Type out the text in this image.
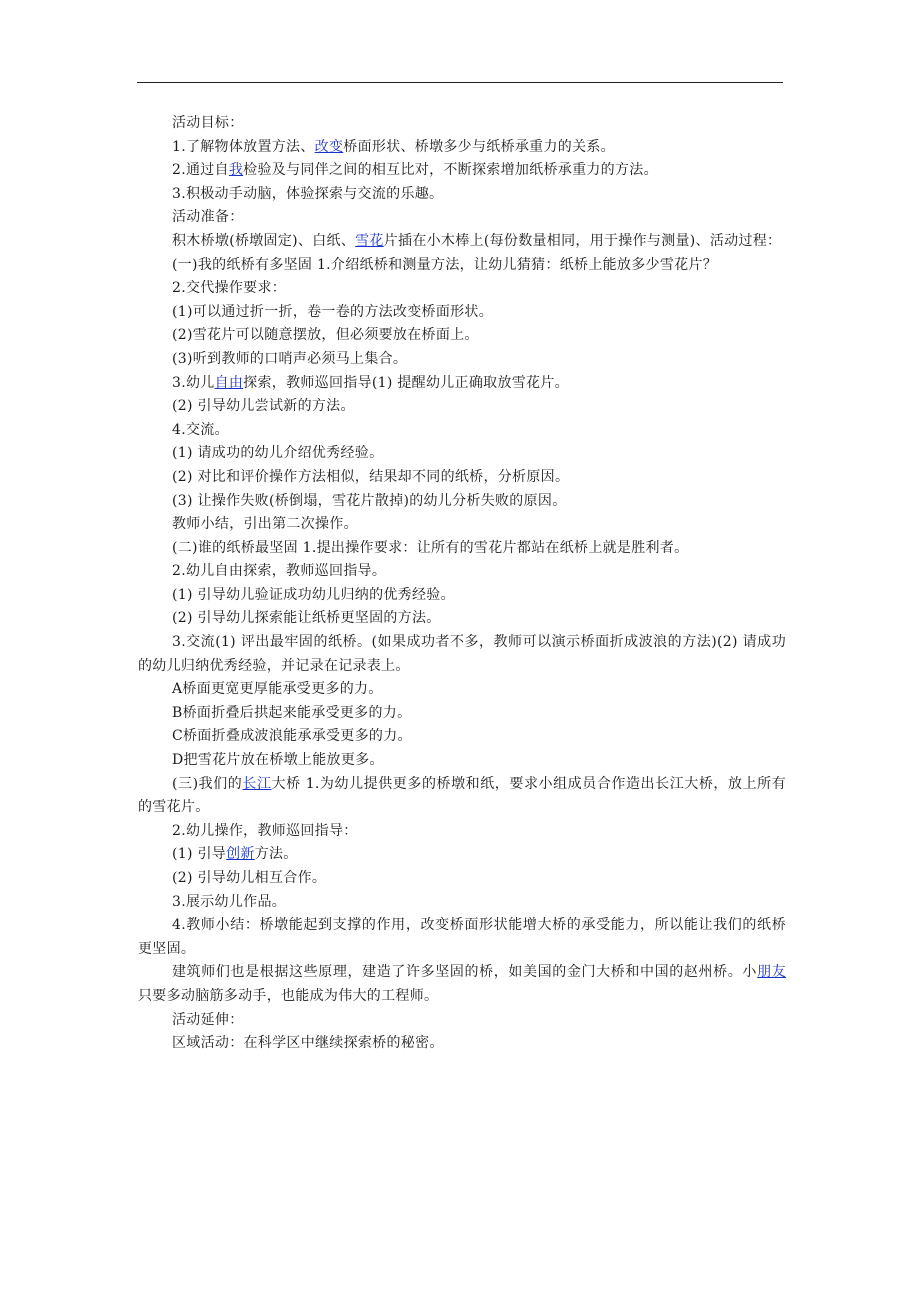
活动目标：

1.了解物体放置方法、改变桥面形状、桥墩多少与纸桥承重力的关系。

2.通过自我检验及与同伴之间的相互比对，不断探索增加纸桥承重力的方法。

3.积极动手动脑，体验探索与交流的乐趣。

活动准备：

积木桥墩(桥墩固定)、白纸、雪花片插在小木棒上(每份数量相同，用于操作与测量)、活动过程：

(一)我的纸桥有多坚固 1.介绍纸桥和测量方法，让幼儿猜猜：纸桥上能放多少雪花片？

2.交代操作要求：

(1)可以通过折一折，卷一卷的方法改变桥面形状。

(2)雪花片可以随意摆放，但必须要放在桥面上。

(3)听到教师的口哨声必须马上集合。

3.幼儿自由探索，教师巡回指导(1) 提醒幼儿正确取放雪花片。

(2) 引导幼儿尝试新的方法。

4.交流。

(1) 请成功的幼儿介绍优秀经验。

(2) 对比和评价操作方法相似，结果却不同的纸桥，分析原因。

(3) 让操作失败(桥倒塌，雪花片散掉)的幼儿分析失败的原因。

教师小结，引出第二次操作。

(二)谁的纸桥最坚固 1.提出操作要求：让所有的雪花片都站在纸桥上就是胜利者。

2.幼儿自由探索，教师巡回指导。

(1) 引导幼儿验证成功幼儿归纳的优秀经验。

(2) 引导幼儿探索能让纸桥更坚固的方法。

3.交流(1) 评出最牢固的纸桥。(如果成功者不多，教师可以演示桥面折成波浪的方法)(2) 请成功的幼儿归纳优秀经验，并记录在记录表上。

A桥面更宽更厚能承受更多的力。

B桥面折叠后拱起来能承受更多的力。

C桥面折叠成波浪能承承受更多的力。

D把雪花片放在桥墩上能放更多。

(三)我们的长江大桥 1.为幼儿提供更多的桥墩和纸，要求小组成员合作造出长江大桥，放上所有的雪花片。

2.幼儿操作，教师巡回指导：

(1) 引导创新方法。

(2) 引导幼儿相互合作。

3.展示幼儿作品。

4.教师小结：桥墩能起到支撑的作用，改变桥面形状能增大桥的承受能力，所以能让我们的纸桥更坚固。

建筑师们也是根据这些原理，建造了许多坚固的桥，如美国的金门大桥和中国的赵州桥。小朋友只要多动脑筋多动手，也能成为伟大的工程师。

活动延伸：

区域活动：在科学区中继续探索桥的秘密。
